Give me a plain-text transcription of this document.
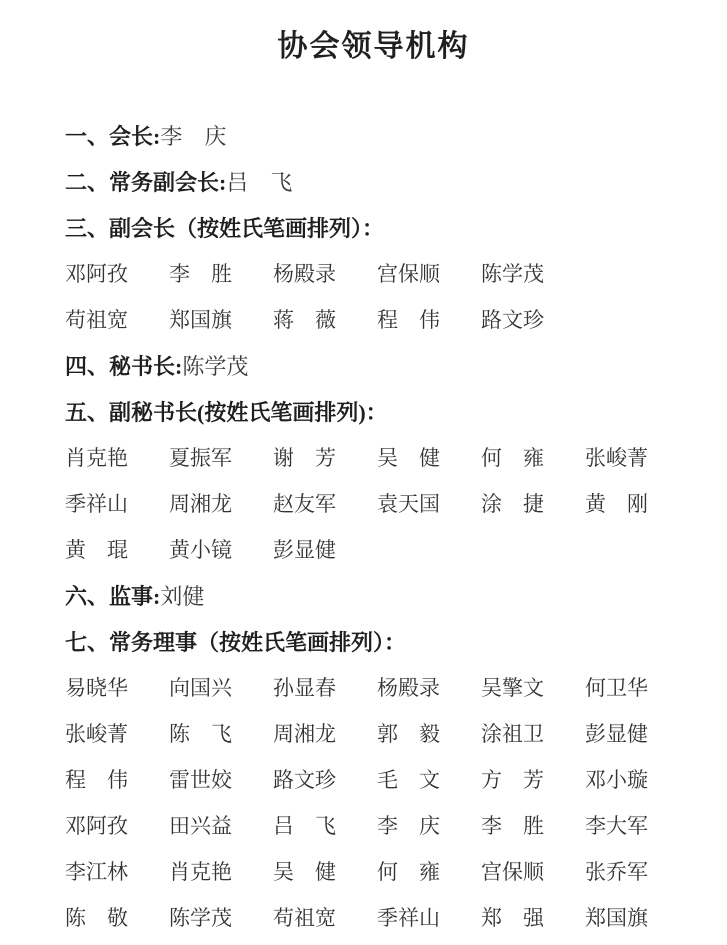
协会领导机构
一、会长: 李　庆
二、常务副会长: 吕　飞
三、副会长（按姓氏笔画排列）：
邓阿孜	李　胜	杨殿录	宫保顺	陈学茂
苟祖宽	郑国旗	蒋　薇	程　伟	路文珍
四、秘书长: 陈学茂
五、副秘书长(按姓氏笔画排列)：
肖克艳	夏振军	谢　芳	吴　健	何　雍	张峻菁
季祥山	周湘龙	赵友军	袁天国	涂　捷	黄　刚
黄　琨	黄小镜	彭显健
六、监事: 刘健
七、常务理事（按姓氏笔画排列）：
易晓华	向国兴	孙显春	杨殿录	吴擎文	何卫华
张峻菁	陈　飞	周湘龙	郭　毅	涂祖卫	彭显健
程　伟	雷世姣	路文珍	毛　文	方　芳	邓小璇
邓阿孜	田兴益	吕　飞	李　庆	李　胜	李大军
李江林	肖克艳	吴　健	何　雍	宫保顺	张乔军
陈　敬	陈学茂	苟祖宽	季祥山	郑　强	郑国旗
